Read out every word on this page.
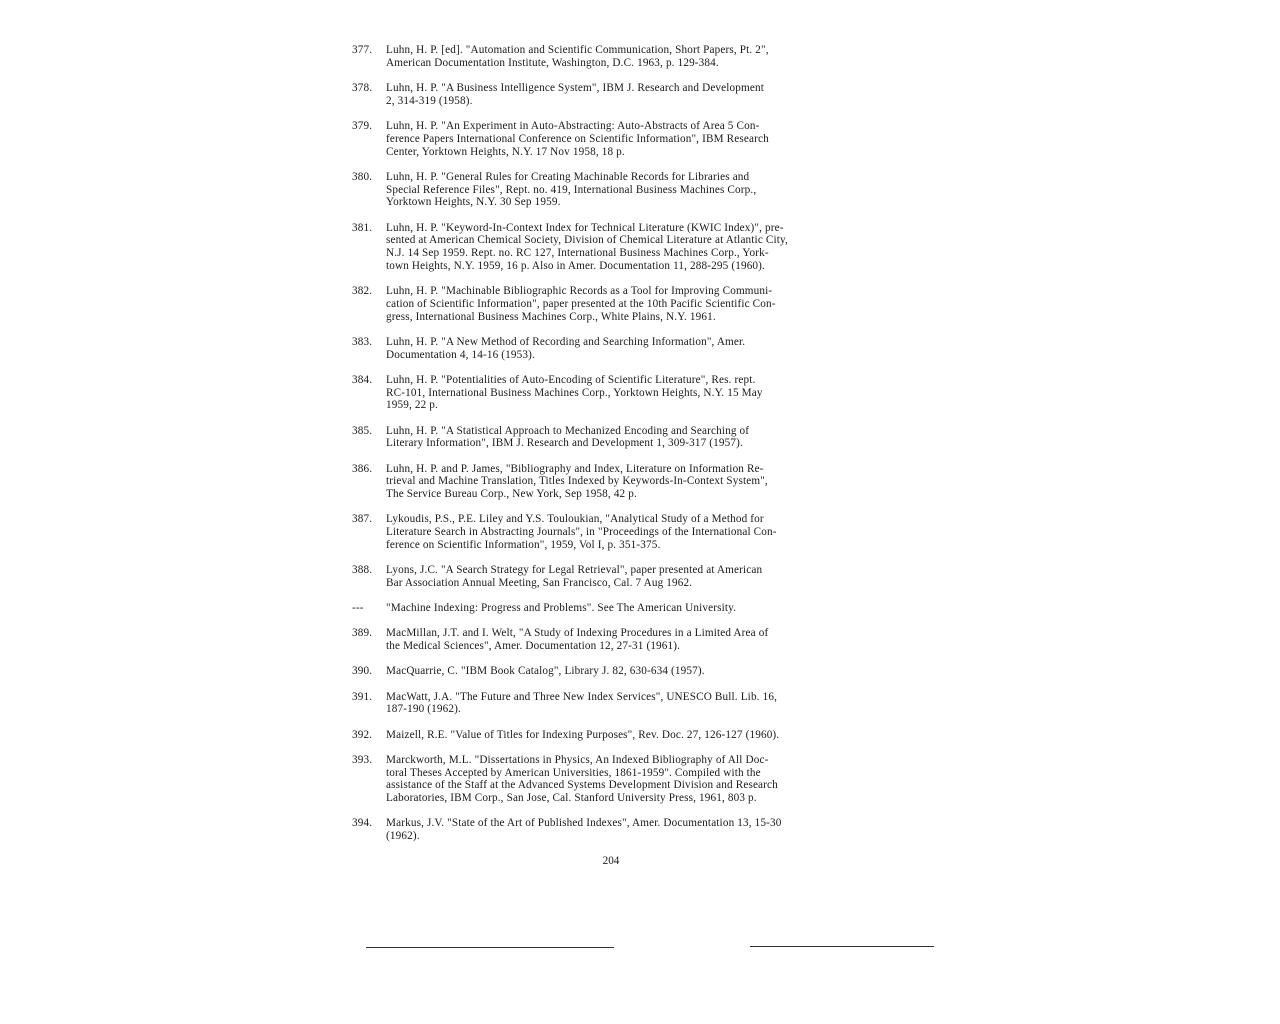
377.	Luhn, H. P. [ed]. "Automation and Scientific Communication, Short Papers, Pt. 2",
American Documentation Institute, Washington, D.C. 1963, p. 129-384.
378.	Luhn, H. P. "A Business Intelligence System", IBM J. Research and Development
2, 314-319 (1958).
379.	Luhn, H. P. "An Experiment in Auto-Abstracting: Auto-Abstracts of Area 5 Con-
ference Papers International Conference on Scientific Information", IBM Research
Center, Yorktown Heights, N.Y. 17 Nov 1958, 18 p.
380.	Luhn, H. P. "General Rules for Creating Machinable Records for Libraries and
Special Reference Files", Rept. no. 419, International Business Machines Corp.,
Yorktown Heights, N.Y. 30 Sep 1959.
381.	Luhn, H. P. "Keyword-In-Context Index for Technical Literature (KWIC Index)", pre-
sented at American Chemical Society, Division of Chemical Literature at Atlantic City,
N.J. 14 Sep 1959. Rept. no. RC 127, International Business Machines Corp., York-
town Heights, N.Y. 1959, 16 p. Also in Amer. Documentation 11, 288-295 (1960).
382.	Luhn, H. P. "Machinable Bibliographic Records as a Tool for Improving Communi-
cation of Scientific Information", paper presented at the 10th Pacific Scientific Con-
gress, International Business Machines Corp., White Plains, N.Y. 1961.
383.	Luhn, H. P. "A New Method of Recording and Searching Information", Amer.
Documentation 4, 14-16 (1953).
384.	Luhn, H. P. "Potentialities of Auto-Encoding of Scientific Literature", Res. rept.
RC-101, International Business Machines Corp., Yorktown Heights, N.Y. 15 May
1959, 22 p.
385.	Luhn, H. P. "A Statistical Approach to Mechanized Encoding and Searching of
Literary Information", IBM J. Research and Development 1, 309-317 (1957).
386.	Luhn, H. P. and P. James, "Bibliography and Index, Literature on Information Re-
trieval and Machine Translation, Titles Indexed by Keywords-In-Context System",
The Service Bureau Corp., New York, Sep 1958, 42 p.
387.	Lykoudis, P.S., P.E. Liley and Y.S. Touloukian, "Analytical Study of a Method for
Literature Search in Abstracting Journals", in "Proceedings of the International Con-
ference on Scientific Information", 1959, Vol I, p. 351-375.
388.	Lyons, J.C. "A Search Strategy for Legal Retrieval", paper presented at American
Bar Association Annual Meeting, San Francisco, Cal. 7 Aug 1962.
---	"Machine Indexing: Progress and Problems". See The American University.
389.	MacMillan, J.T. and I. Welt, "A Study of Indexing Procedures in a Limited Area of
the Medical Sciences", Amer. Documentation 12, 27-31 (1961).
390.	MacQuarrie, C. "IBM Book Catalog", Library J. 82, 630-634 (1957).
391.	MacWatt, J.A. "The Future and Three New Index Services", UNESCO Bull. Lib. 16,
187-190 (1962).
392.	Maizell, R.E. "Value of Titles for Indexing Purposes", Rev. Doc. 27, 126-127 (1960).
393.	Marckworth, M.L. "Dissertations in Physics, An Indexed Bibliography of All Doc-
toral Theses Accepted by American Universities, 1861-1959". Compiled with the
assistance of the Staff at the Advanced Systems Development Division and Research
Laboratories, IBM Corp., San Jose, Cal. Stanford University Press, 1961, 803 p.
394.	Markus, J.V. "State of the Art of Published Indexes", Amer. Documentation 13, 15-30
(1962).
204
